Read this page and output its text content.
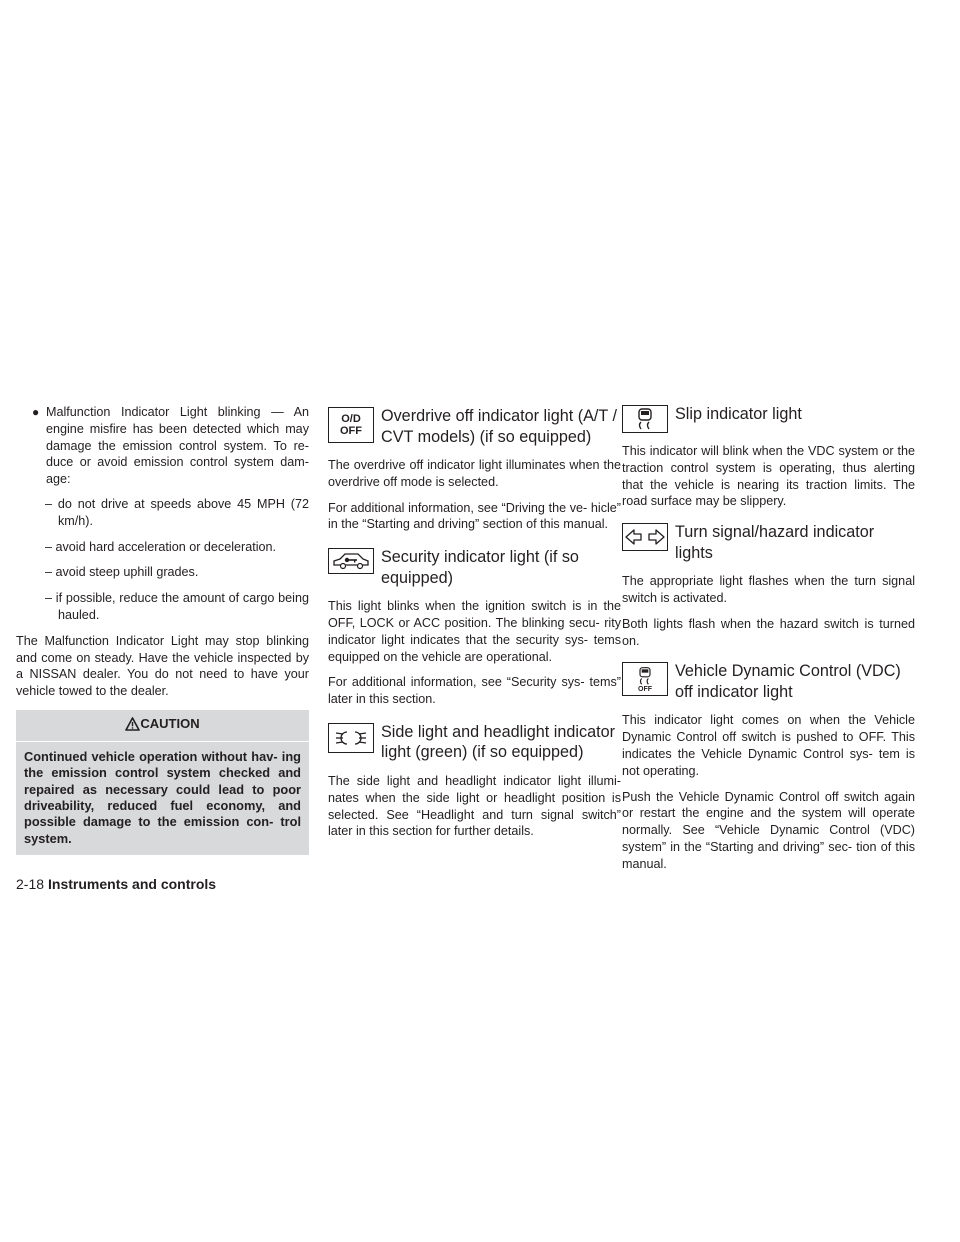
● Malfunction Indicator Light blinking — An engine misfire has been detected which may damage the emission control system. To re- duce or avoid emission control system dam- age:
– do not drive at speeds above 45 MPH (72 km/h).
– avoid hard acceleration or deceleration.
– avoid steep uphill grades.
– if possible, reduce the amount of cargo being hauled.

The Malfunction Indicator Light may stop blinking and come on steady. Have the vehicle inspected by a NISSAN dealer. You do not need to have your vehicle towed to the dealer.

CAUTION
Continued vehicle operation without hav- ing the emission control system checked and repaired as necessary could lead to poor driveability, reduced fuel economy, and possible damage to the emission con- trol system.
O/D
OFF
Overdrive off indicator light (A/T / CVT models) (if so equipped)

The overdrive off indicator light illuminates when the overdrive off mode is selected.

For additional information, see “Driving the ve- hicle” in the “Starting and driving” section of this manual.

Security indicator light (if so equipped)

This light blinks when the ignition switch is in the OFF, LOCK or ACC position. The blinking secu- rity indicator light indicates that the security sys- tems equipped on the vehicle are operational.

For additional information, see “Security sys- tems” later in this section.

Side light and headlight indicator light (green) (if so equipped)

The side light and headlight indicator light illumi- nates when the side light or headlight position is selected. See “Headlight and turn signal switch” later in this section for further details.

Slip indicator light

This indicator will blink when the VDC system or the traction control system is operating, thus alerting that the vehicle is nearing its traction limits. The road surface may be slippery.

Turn signal/hazard indicator lights

The appropriate light flashes when the turn signal switch is activated.

Both lights flash when the hazard switch is turned on.

OFF
Vehicle Dynamic Control (VDC) off indicator light

This indicator light comes on when the Vehicle Dynamic Control off switch is pushed to OFF. This indicates the Vehicle Dynamic Control sys- tem is not operating.

Push the Vehicle Dynamic Control off switch again or restart the engine and the system will operate normally. See “Vehicle Dynamic Control (VDC) system” in the “Starting and driving” sec- tion of this manual.

2-18 Instruments and controls
